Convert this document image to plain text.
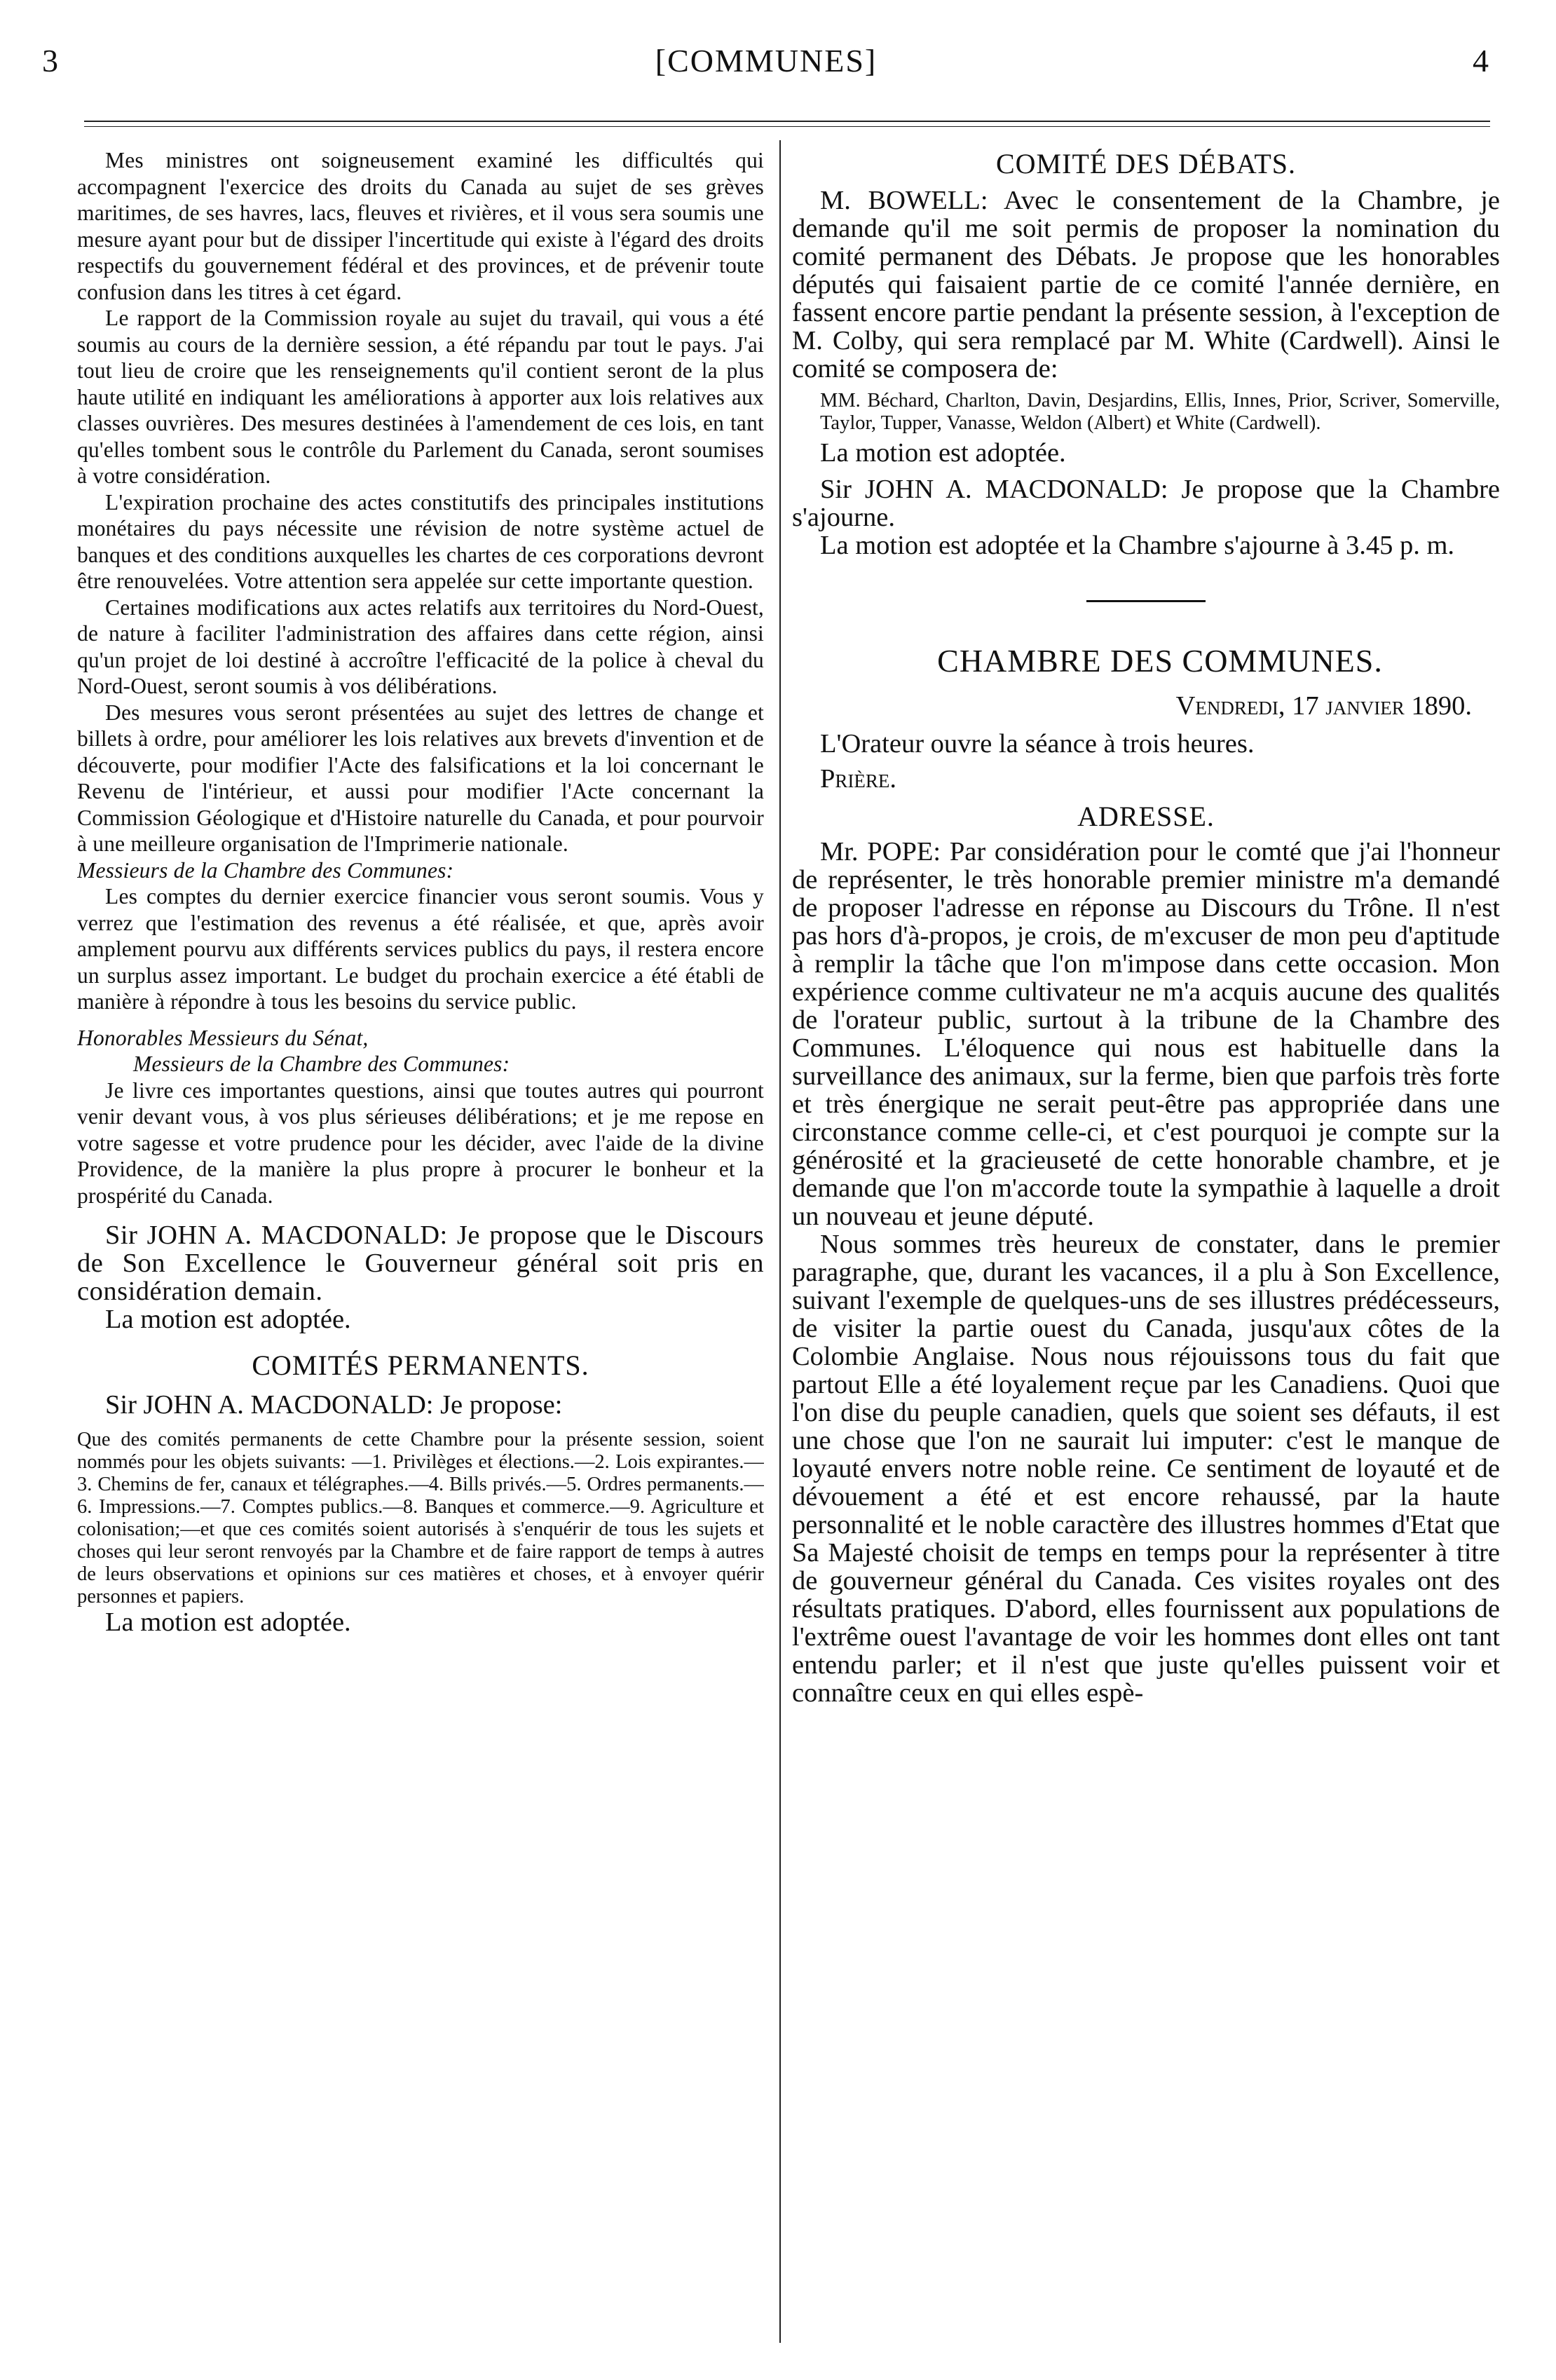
3	[COMMUNES]	4

Mes ministres ont soigneusement examiné les difficultés qui accompagnent l'exercice des droits du Canada au sujet de ses grèves maritimes, de ses havres, lacs, fleuves et rivières, et il vous sera soumis une mesure ayant pour but de dissiper l'incertitude qui existe à l'égard des droits respectifs du gouvernement fédéral et des provinces, et de prévenir toute confusion dans les titres à cet égard.

Le rapport de la Commission royale au sujet du travail, qui vous a été soumis au cours de la dernière session, a été répandu par tout le pays. J'ai tout lieu de croire que les renseignements qu'il contient seront de la plus haute utilité en indiquant les améliorations à apporter aux lois relatives aux classes ouvrières. Des mesures destinées à l'amendement de ces lois, en tant qu'elles tombent sous le contrôle du Parlement du Canada, seront soumises à votre considération.

L'expiration prochaine des actes constitutifs des principales institutions monétaires du pays nécessite une révision de notre système actuel de banques et des conditions auxquelles les chartes de ces corporations devront être renouvelées. Votre attention sera appelée sur cette importante question.

Certaines modifications aux actes relatifs aux territoires du Nord-Ouest, de nature à faciliter l'administration des affaires dans cette région, ainsi qu'un projet de loi destiné à accroître l'efficacité de la police à cheval du Nord-Ouest, seront soumis à vos délibérations.

Des mesures vous seront présentées au sujet des lettres de change et billets à ordre, pour améliorer les lois relatives aux brevets d'invention et de découverte, pour modifier l'Acte des falsifications et la loi concernant le Revenu de l'intérieur, et aussi pour modifier l'Acte concernant la Commission Géologique et d'Histoire naturelle du Canada, et pour pourvoir à une meilleure organisation de l'Imprimerie nationale.

Messieurs de la Chambre des Communes:

Les comptes du dernier exercice financier vous seront soumis. Vous y verrez que l'estimation des revenus a été réalisée, et que, après avoir amplement pourvu aux différents services publics du pays, il restera encore un surplus assez important. Le budget du prochain exercice a été établi de manière à répondre à tous les besoins du service public.

Honorables Messieurs du Sénat,

Messieurs de la Chambre des Communes:

Je livre ces importantes questions, ainsi que toutes autres qui pourront venir devant vous, à vos plus sérieuses délibérations; et je me repose en votre sagesse et votre prudence pour les décider, avec l'aide de la divine Providence, de la manière la plus propre à procurer le bonheur et la prospérité du Canada.

Sir JOHN A. MACDONALD: Je propose que le Discours de Son Excellence le Gouverneur général soit pris en considération demain.

La motion est adoptée.

COMITÉS PERMANENTS.

Sir JOHN A. MACDONALD: Je propose:

Que des comités permanents de cette Chambre pour la présente session, soient nommés pour les objets suivants: —1. Privilèges et élections.—2. Lois expirantes.—3. Chemins de fer, canaux et télégraphes.—4. Bills privés.—5. Ordres permanents.—6. Impressions.—7. Comptes publics.—8. Banques et commerce.—9. Agriculture et colonisation;—et que ces comités soient autorisés à s'enquérir de tous les sujets et choses qui leur seront renvoyés par la Chambre et de faire rapport de temps à autres de leurs observations et opinions sur ces matières et choses, et à envoyer quérir personnes et papiers.

La motion est adoptée.

COMITÉ DES DÉBATS.

M. BOWELL: Avec le consentement de la Chambre, je demande qu'il me soit permis de proposer la nomination du comité permanent des Débats. Je propose que les honorables députés qui faisaient partie de ce comité l'année dernière, en fassent encore partie pendant la présente session, à l'exception de M. Colby, qui sera remplacé par M. White (Cardwell). Ainsi le comité se composera de:

MM. Béchard, Charlton, Davin, Desjardins, Ellis, Innes, Prior, Scriver, Somerville, Taylor, Tupper, Vanasse, Weldon (Albert) et White (Cardwell).

La motion est adoptée.

Sir JOHN A. MACDONALD: Je propose que la Chambre s'ajourne.

La motion est adoptée et la Chambre s'ajourne à 3.45 p. m.

CHAMBRE DES COMMUNES.

Vendredi, 17 janvier 1890.

L'Orateur ouvre la séance à trois heures.

Prière.

ADRESSE.

Mr. POPE: Par considération pour le comté que j'ai l'honneur de représenter, le très honorable premier ministre m'a demandé de proposer l'adresse en réponse au Discours du Trône. Il n'est pas hors d'à-propos, je crois, de m'excuser de mon peu d'aptitude à remplir la tâche que l'on m'impose dans cette occasion. Mon expérience comme cultivateur ne m'a acquis aucune des qualités de l'orateur public, surtout à la tribune de la Chambre des Communes. L'éloquence qui nous est habituelle dans la surveillance des animaux, sur la ferme, bien que parfois très forte et très énergique ne serait peut-être pas appropriée dans une circonstance comme celle-ci, et c'est pourquoi je compte sur la générosité et la gracieuseté de cette honorable chambre, et je demande que l'on m'accorde toute la sympathie à laquelle a droit un nouveau et jeune député.

Nous sommes très heureux de constater, dans le premier paragraphe, que, durant les vacances, il a plu à Son Excellence, suivant l'exemple de quelques-uns de ses illustres prédécesseurs, de visiter la partie ouest du Canada, jusqu'aux côtes de la Colombie Anglaise. Nous nous réjouissons tous du fait que partout Elle a été loyalement reçue par les Canadiens. Quoi que l'on dise du peuple canadien, quels que soient ses défauts, il est une chose que l'on ne saurait lui imputer: c'est le manque de loyauté envers notre noble reine. Ce sentiment de loyauté et de dévouement a été et est encore rehaussé, par la haute personnalité et le noble caractère des illustres hommes d'Etat que Sa Majesté choisit de temps en temps pour la représenter à titre de gouverneur général du Canada. Ces visites royales ont des résultats pratiques. D'abord, elles fournissent aux populations de l'extrême ouest l'avantage de voir les hommes dont elles ont tant entendu parler; et il n'est que juste qu'elles puissent voir et connaître ceux en qui elles espè-
